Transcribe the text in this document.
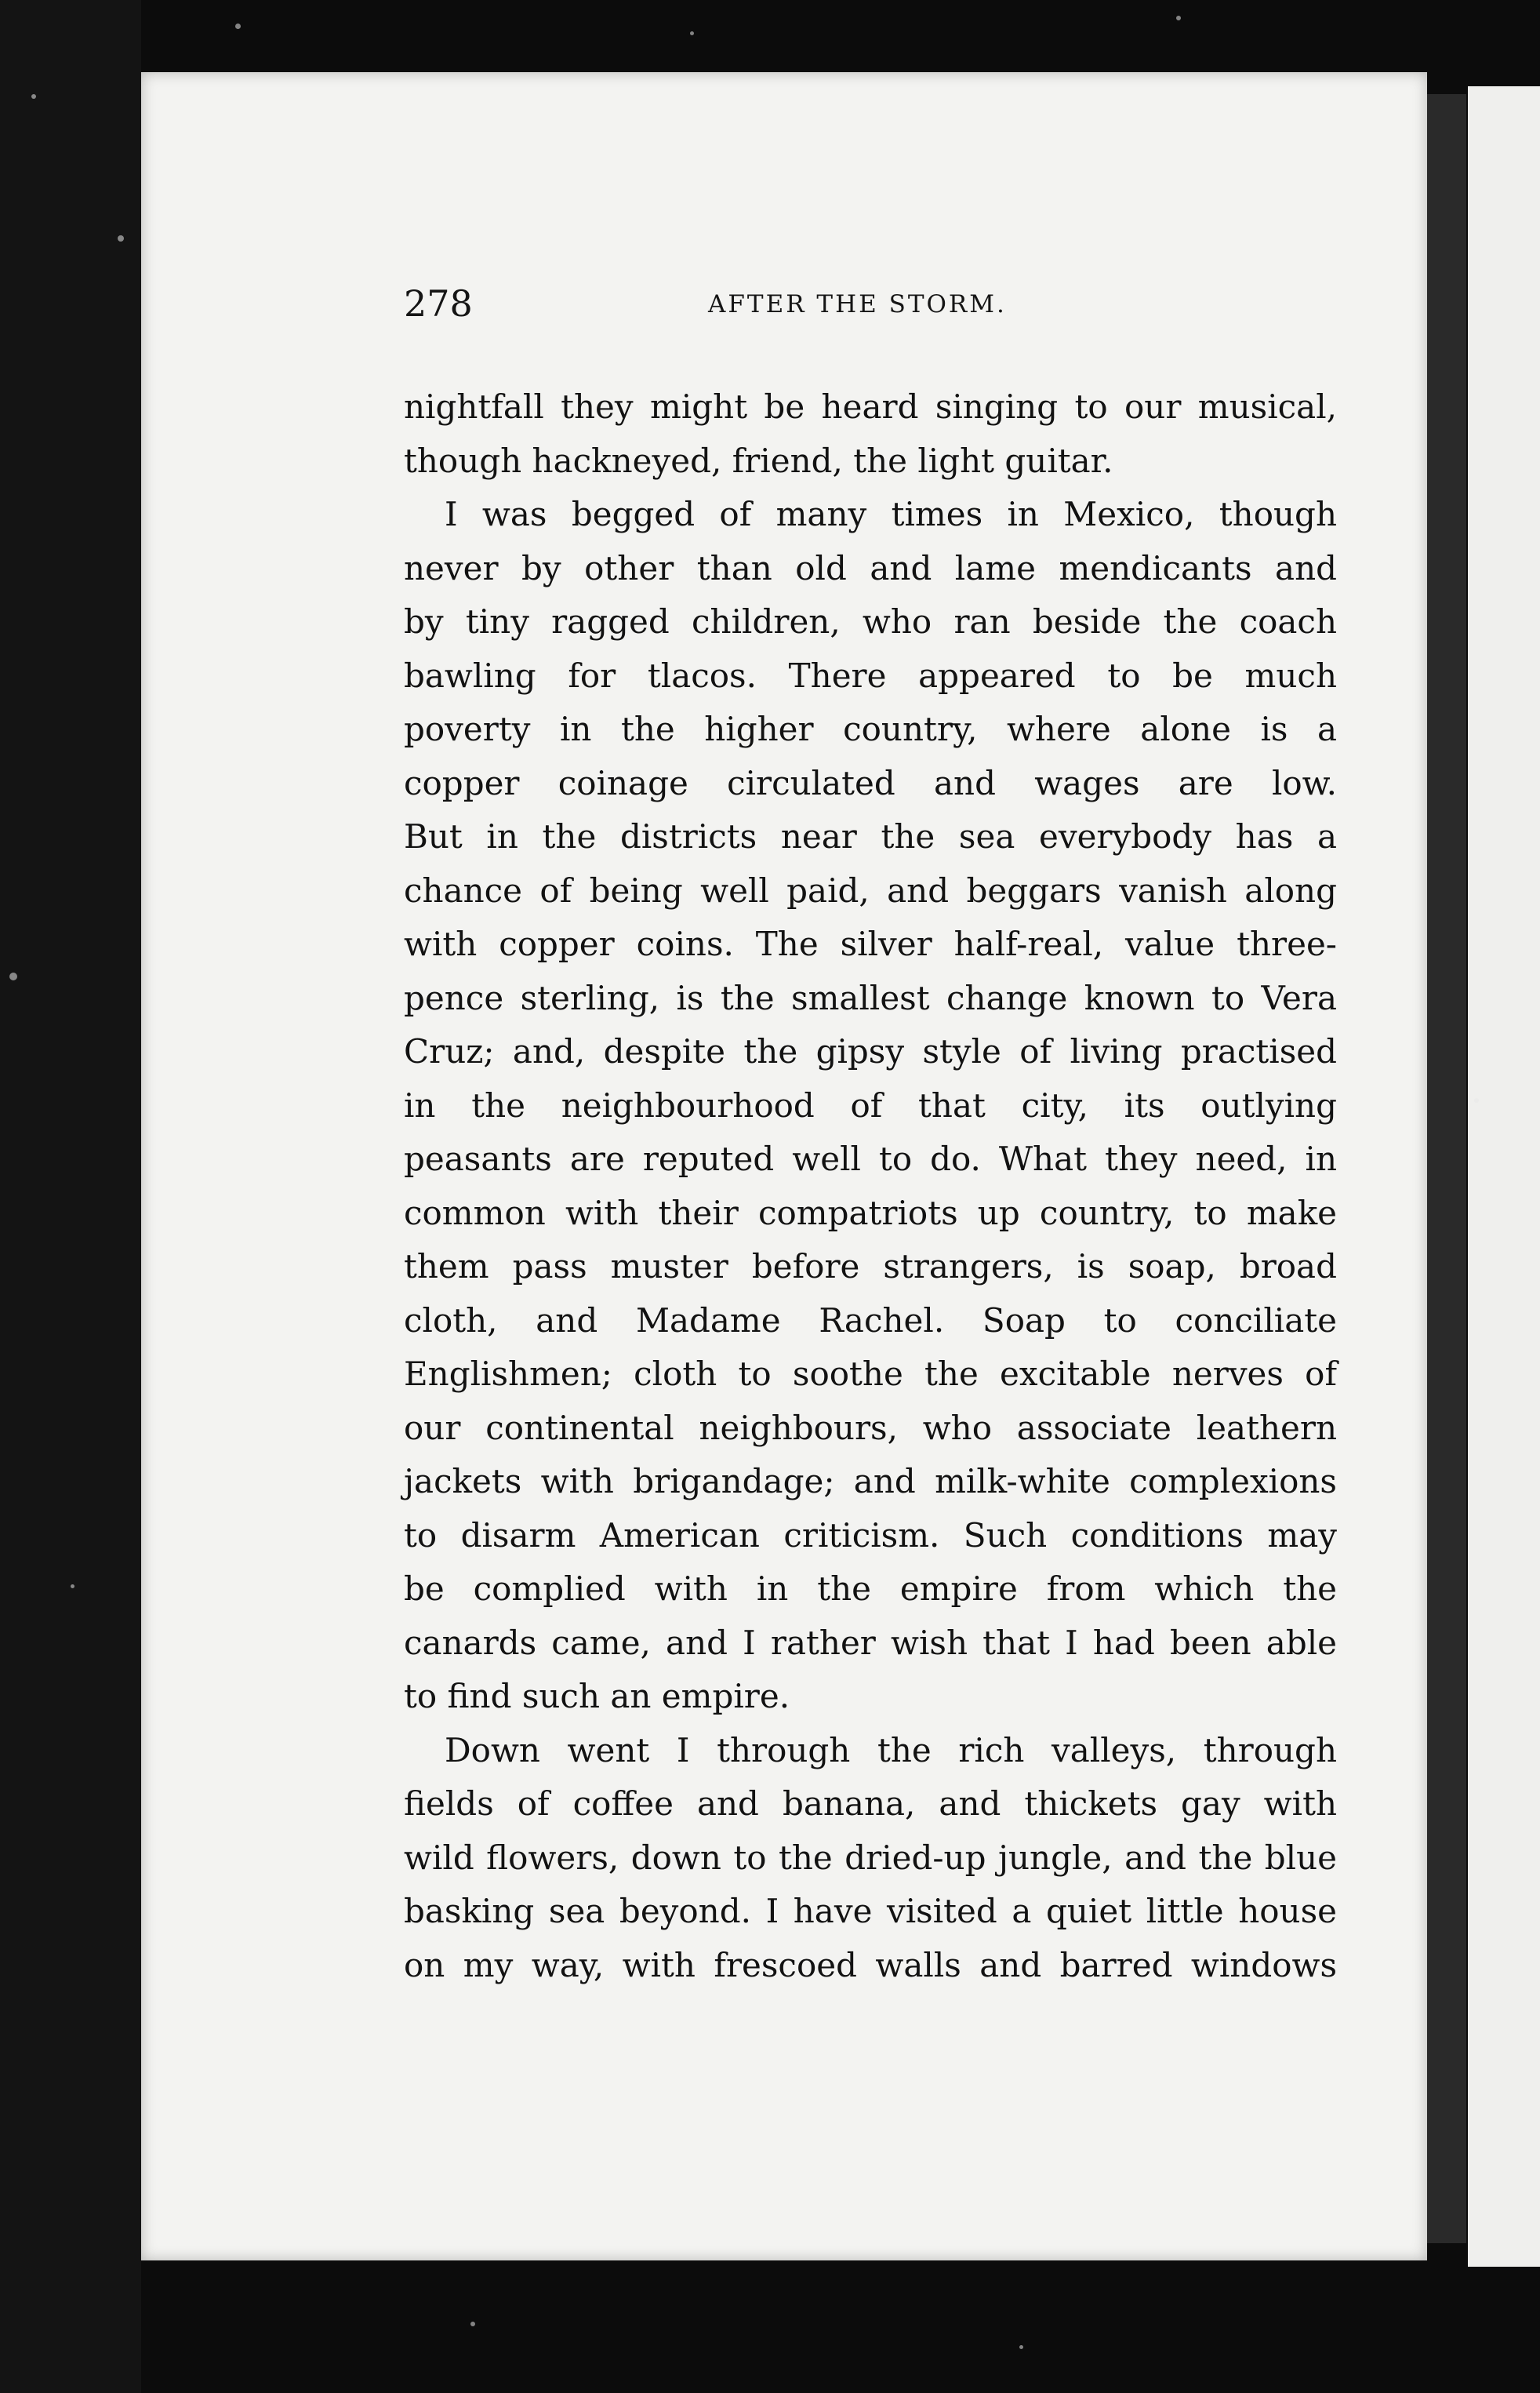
278	AFTER THE STORM.
nightfall they might be heard singing to our musical,
though hackneyed, friend, the light guitar.
I was begged of many times in Mexico, though
never by other than old and lame mendicants and
by tiny ragged children, who ran beside the coach
bawling for tlacos. There appeared to be much
poverty in the higher country, where alone is a
copper coinage circulated and wages are low.
But in the districts near the sea everybody has a
chance of being well paid, and beggars vanish along
with copper coins. The silver half-real, value three-
pence sterling, is the smallest change known to Vera
Cruz; and, despite the gipsy style of living practised
in the neighbourhood of that city, its outlying
peasants are reputed well to do. What they need, in
common with their compatriots up country, to make
them pass muster before strangers, is soap, broad
cloth, and Madame Rachel. Soap to conciliate
Englishmen; cloth to soothe the excitable nerves of
our continental neighbours, who associate leathern
jackets with brigandage; and milk-white complexions
to disarm American criticism. Such conditions may
be complied with in the empire from which the
canards came, and I rather wish that I had been able
to find such an empire.
Down went I through the rich valleys, through
fields of coffee and banana, and thickets gay with
wild flowers, down to the dried-up jungle, and the blue
basking sea beyond. I have visited a quiet little house
on my way, with frescoed walls and barred windows
